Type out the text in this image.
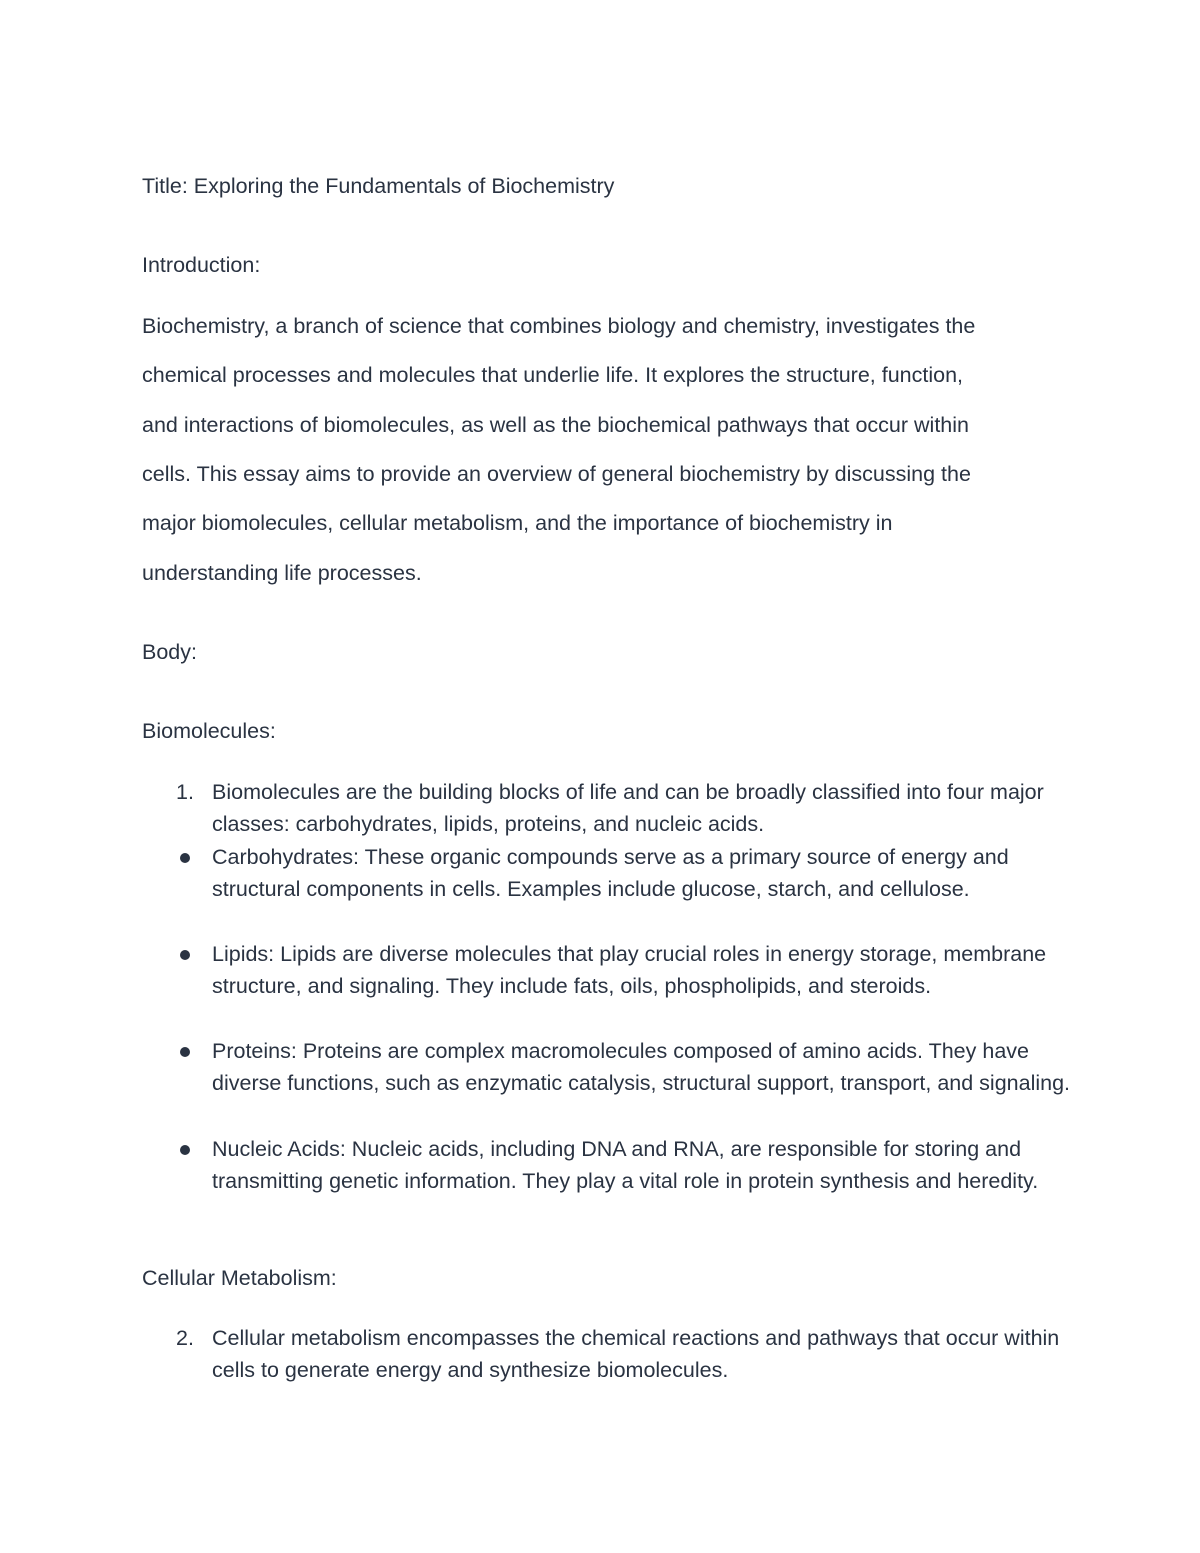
Title: Exploring the Fundamentals of Biochemistry
Introduction:
Biochemistry, a branch of science that combines biology and chemistry, investigates the
chemical processes and molecules that underlie life. It explores the structure, function,
and interactions of biomolecules, as well as the biochemical pathways that occur within
cells. This essay aims to provide an overview of general biochemistry by discussing the
major biomolecules, cellular metabolism, and the importance of biochemistry in
understanding life processes.
Body:
Biomolecules:
1. Biomolecules are the building blocks of life and can be broadly classified into four major classes: carbohydrates, lipids, proteins, and nucleic acids.
Carbohydrates: These organic compounds serve as a primary source of energy and structural components in cells. Examples include glucose, starch, and cellulose.
Lipids: Lipids are diverse molecules that play crucial roles in energy storage, membrane structure, and signaling. They include fats, oils, phospholipids, and steroids.
Proteins: Proteins are complex macromolecules composed of amino acids. They have diverse functions, such as enzymatic catalysis, structural support, transport, and signaling.
Nucleic Acids: Nucleic acids, including DNA and RNA, are responsible for storing and transmitting genetic information. They play a vital role in protein synthesis and heredity.
Cellular Metabolism:
2. Cellular metabolism encompasses the chemical reactions and pathways that occur within cells to generate energy and synthesize biomolecules.
